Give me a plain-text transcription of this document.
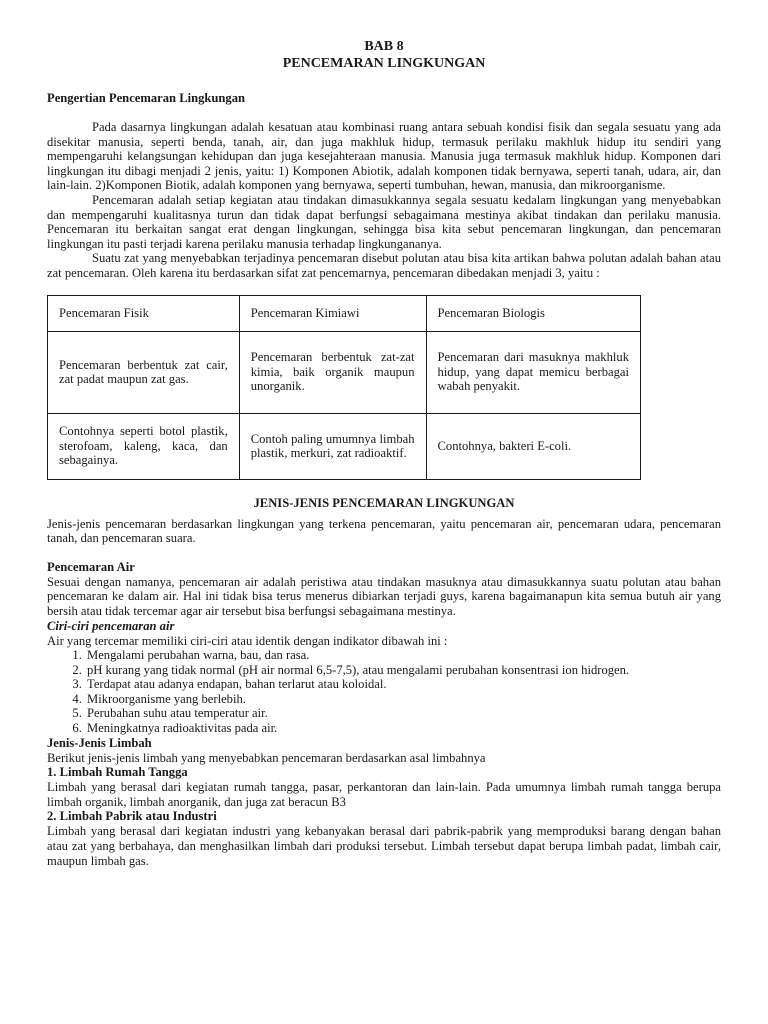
BAB 8

PENCEMARAN LINGKUNGAN

Pengertian Pencemaran Lingkungan

Pada dasarnya lingkungan adalah kesatuan atau kombinasi ruang antara sebuah kondisi fisik dan segala sesuatu yang ada disekitar manusia, seperti benda, tanah, air, dan juga makhluk hidup, termasuk perilaku makhluk hidup itu sendiri yang mempengaruhi kelangsungan kehidupan dan juga kesejahteraan manusia. Manusia juga termasuk makhluk hidup. Komponen dari lingkungan itu dibagi menjadi 2 jenis, yaitu: 1) Komponen Abiotik, adalah komponen tidak bernyawa, seperti tanah, udara, air, dan lain-lain. 2)Komponen Biotik, adalah komponen yang bernyawa, seperti tumbuhan, hewan, manusia, dan mikroorganisme.

Pencemaran adalah setiap kegiatan atau tindakan dimasukkannya segala sesuatu kedalam lingkungan yang menyebabkan dan mempengaruhi kualitasnya turun dan tidak dapat berfungsi sebagaimana mestinya akibat tindakan dan perilaku manusia. Pencemaran itu berkaitan sangat erat dengan lingkungan, sehingga bisa kita sebut pencemaran lingkungan, dan pencemaran lingkungan itu pasti terjadi karena perilaku manusia terhadap lingkungananya.

Suatu zat yang menyebabkan terjadinya pencemaran disebut polutan atau bisa kita artikan bahwa polutan adalah bahan atau zat pencemaran. Oleh karena itu berdasarkan sifat zat pencemarnya, pencemaran dibedakan menjadi 3, yaitu :

Pencemaran Fisik	Pencemaran Kimiawi	Pencemaran Biologis
Pencemaran berbentuk zat cair, zat padat maupun zat gas.	Pencemaran berbentuk zat-zat kimia, baik organik maupun unorganik.	Pencemaran dari masuknya makhluk hidup, yang dapat memicu berbagai wabah penyakit.
Contohnya seperti botol plastik, sterofoam, kaleng, kaca, dan sebagainya.	Contoh paling umumnya limbah plastik, merkuri, zat radioaktif.	Contohnya, bakteri E-coli.

JENIS-JENIS PENCEMARAN LINGKUNGAN

Jenis-jenis pencemaran berdasarkan lingkungan yang terkena pencemaran, yaitu pencemaran air, pencemaran udara, pencemaran tanah, dan pencemaran suara.

Pencemaran Air

Sesuai dengan namanya, pencemaran air adalah peristiwa atau tindakan masuknya atau dimasukkannya suatu polutan atau bahan pencemaran ke dalam air. Hal ini tidak bisa terus menerus dibiarkan terjadi guys, karena bagaimanapun kita semua butuh air yang bersih atau tidak tercemar agar air tersebut bisa berfungsi sebagaimana mestinya.

Ciri-ciri pencemaran air

Air yang tercemar memiliki ciri-ciri atau identik dengan indikator dibawah ini :

1. Mengalami perubahan warna, bau, dan rasa.
2. pH kurang yang tidak normal (pH air normal 6,5-7,5), atau mengalami perubahan konsentrasi ion hidrogen.
3. Terdapat atau adanya endapan, bahan terlarut atau koloidal.
4. Mikroorganisme yang berlebih.
5. Perubahan suhu atau temperatur air.
6. Meningkatnya radioaktivitas pada air.
Jenis-Jenis Limbah

Berikut jenis-jenis limbah yang menyebabkan pencemaran berdasarkan asal limbahnya

1. Limbah Rumah Tangga

Limbah yang berasal dari kegiatan rumah tangga, pasar, perkantoran dan lain-lain. Pada umumnya limbah rumah tangga berupa limbah organik, limbah anorganik, dan juga zat beracun B3

2. Limbah Pabrik atau Industri

Limbah yang berasal dari kegiatan industri yang kebanyakan berasal dari pabrik-pabrik yang memproduksi barang dengan bahan atau zat yang berbahaya, dan menghasilkan limbah dari produksi tersebut. Limbah tersebut dapat berupa limbah padat, limbah cair, maupun limbah gas.
